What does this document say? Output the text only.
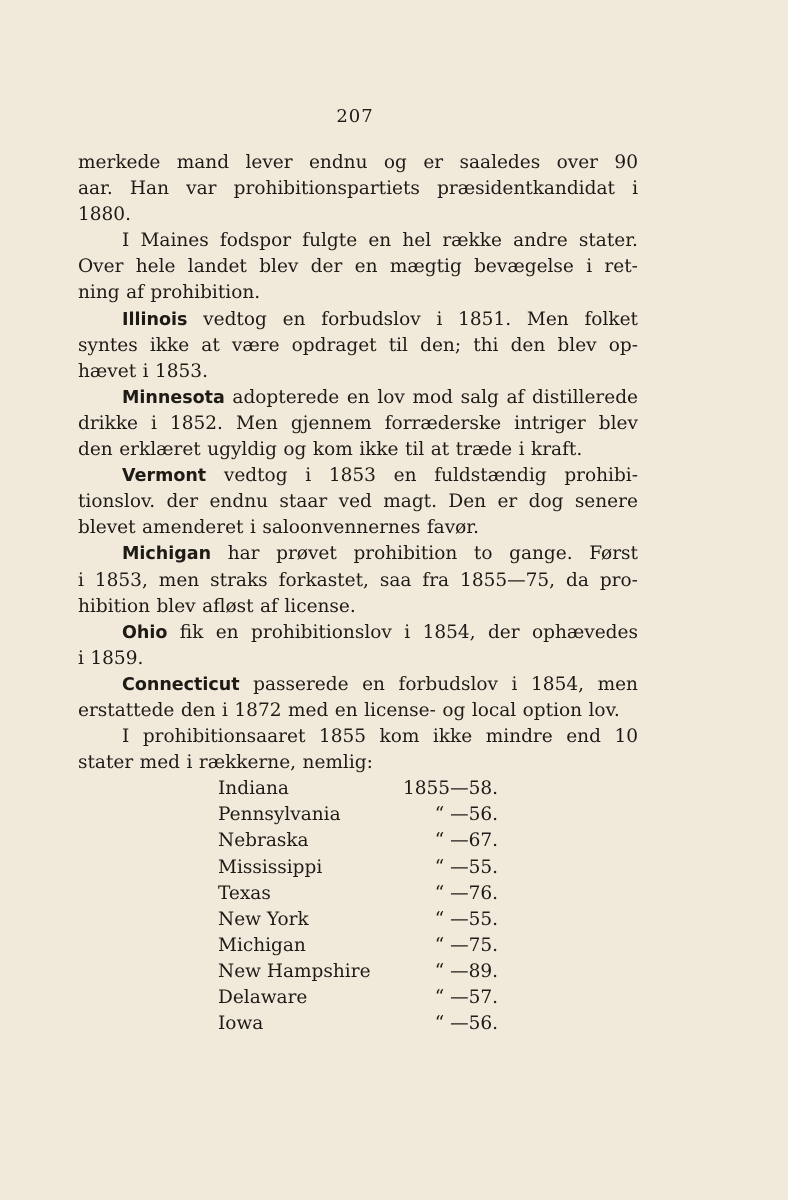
207
merkede mand lever endnu og er saaledes over 90
aar. Han var prohibitionspartiets præsidentkandidat i
1880.
I Maines fodspor fulgte en hel række andre stater.
Over hele landet blev der en mægtig bevægelse i ret-
ning af prohibition.
Illinois vedtog en forbudslov i 1851. Men folket
syntes ikke at være opdraget til den; thi den blev op-
hævet i 1853.
Minnesota adopterede en lov mod salg af distillerede
drikke i 1852. Men gjennem forræderske intriger blev
den erklæret ugyldig og kom ikke til at træde i kraft.
Vermont vedtog i 1853 en fuldstændig prohibi-
tionslov. der endnu staar ved magt. Den er dog senere
blevet amenderet i saloonvennernes favør.
Michigan har prøvet prohibition to gange. Først
i 1853, men straks forkastet, saa fra 1855—75, da pro-
hibition blev afløst af license.
Ohio fik en prohibitionslov i 1854, der ophævedes
i 1859.
Connecticut passerede en forbudslov i 1854, men
erstattede den i 1872 med en license- og local option lov.
I prohibitionsaaret 1855 kom ikke mindre end 10
stater med i rækkerne, nemlig:
Indiana	1855—58.
Pennsylvania	“ —56.
Nebraska	“ —67.
Mississippi	“ —55.
Texas	“ —76.
New York	“ —55.
Michigan	“ —75.
New Hampshire	“ —89.
Delaware	“ —57.
Iowa	“ —56.
